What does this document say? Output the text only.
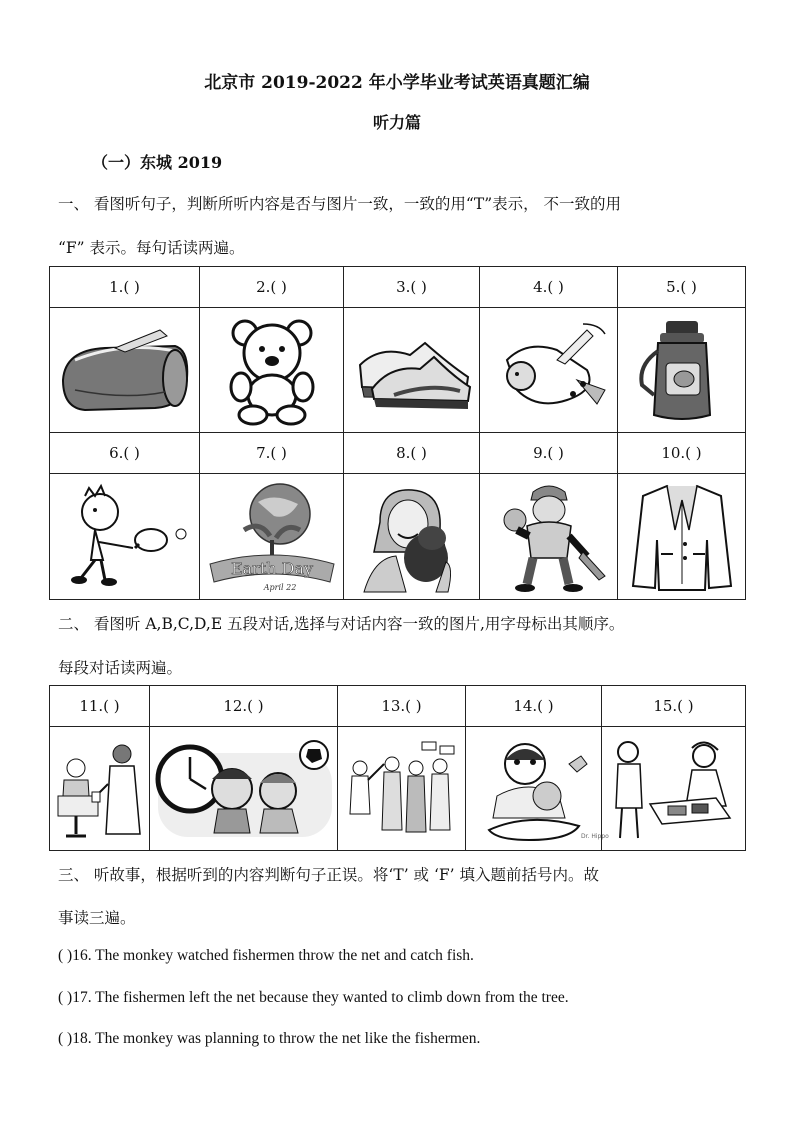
北京市 2019-2022 年小学毕业考试英语真题汇编
听力篇
（一）东城 2019
一、 看图听句子，判断所听内容是否与图片一致，一致的用“T”表示， 不一致的用
“F” 表示。每句话读两遍。
1.( )	2.( )	3.( )	4.( )	5.( )

6.( )	7.( )	8.( )	9.( )	10.( )

Earth Day
April 22

二、 看图听 A,B,C,D,E 五段对话,选择与对话内容一致的图片,用字母标出其顺序。
每段对话读两遍。
11.( )	12.( )	13.( )	14.( )	15.( )

Dr. Hippo

三、 听故事，根据听到的内容判断句子正误。将‘T’ 或 ‘F’ 填入题前括号内。故
事读三遍。
( )16. The monkey watched fishermen throw the net and catch fish.
( )17. The fishermen left the net because they wanted to climb down from the tree.
( )18. The monkey was planning to throw the net like the fishermen.
